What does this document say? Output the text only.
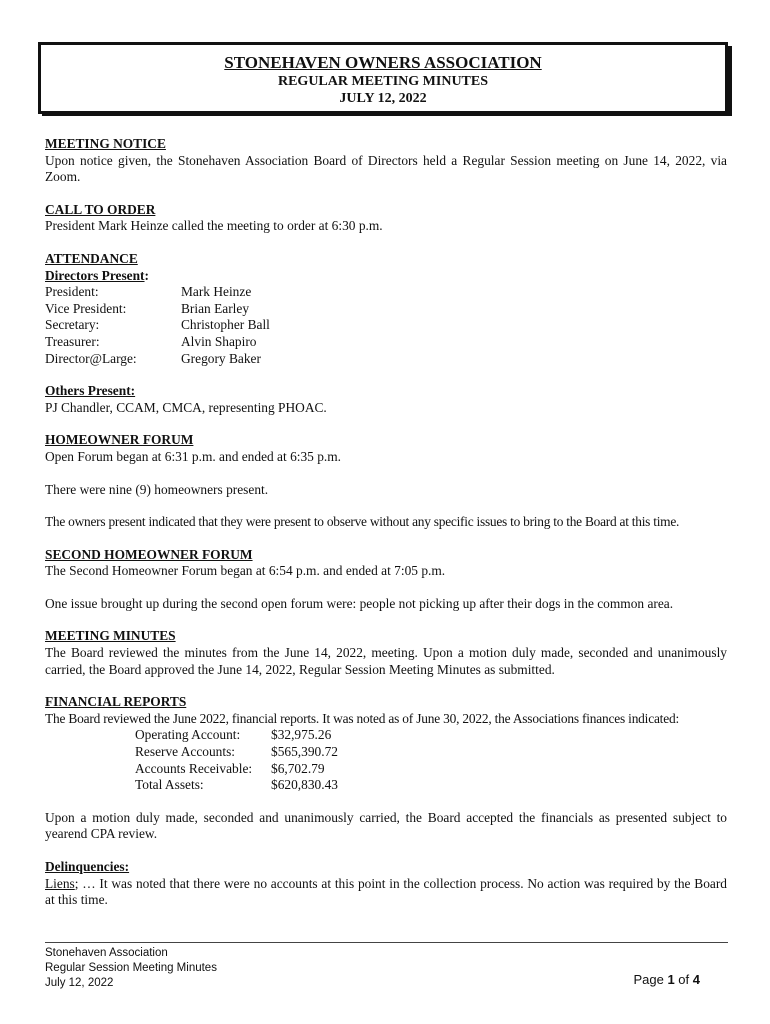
STONEHAVEN OWNERS ASSOCIATION
REGULAR MEETING MINUTES
JULY 12, 2022
MEETING NOTICE

Upon notice given, the Stonehaven Association Board of Directors held a Regular Session meeting on June 14, 2022, via Zoom.

CALL TO ORDER

President Mark Heinze called the meeting to order at 6:30 p.m.

ATTENDANCE
Directors Present:
President:	Mark Heinze
Vice President:	Brian Earley
Secretary:	Christopher Ball
Treasurer:	Alvin Shapiro
Director@Large:	Gregory Baker
Others Present:

PJ Chandler, CCAM, CMCA, representing PHOAC.

HOMEOWNER FORUM

Open Forum began at 6:31 p.m. and ended at 6:35 p.m.

There were nine (9) homeowners present.

The owners present indicated that they were present to observe without any specific issues to bring to the Board at this time.

SECOND HOMEOWNER FORUM

The Second Homeowner Forum began at 6:54 p.m. and ended at 7:05 p.m.

One issue brought up during the second open forum were: people not picking up after their dogs in the common area.

MEETING MINUTES

The Board reviewed the minutes from the June 14, 2022, meeting. Upon a motion duly made, seconded and unanimously carried, the Board approved the June 14, 2022, Regular Session Meeting Minutes as submitted.

FINANCIAL REPORTS

The Board reviewed the June 2022, financial reports. It was noted as of June 30, 2022, the Associations finances indicated:

Operating Account:	$32,975.26
Reserve Accounts:	$565,390.72
Accounts Receivable:	$6,702.79
Total Assets:	$620,830.43

Upon a motion duly made, seconded and unanimously carried, the Board accepted the financials as presented subject to yearend CPA review.

Delinquencies:

Liens; … It was noted that there were no accounts at this point in the collection process. No action was required by the Board at this time.

Stonehaven Association
Regular Session Meeting Minutes
July 12, 2022	Page 1 of 4
